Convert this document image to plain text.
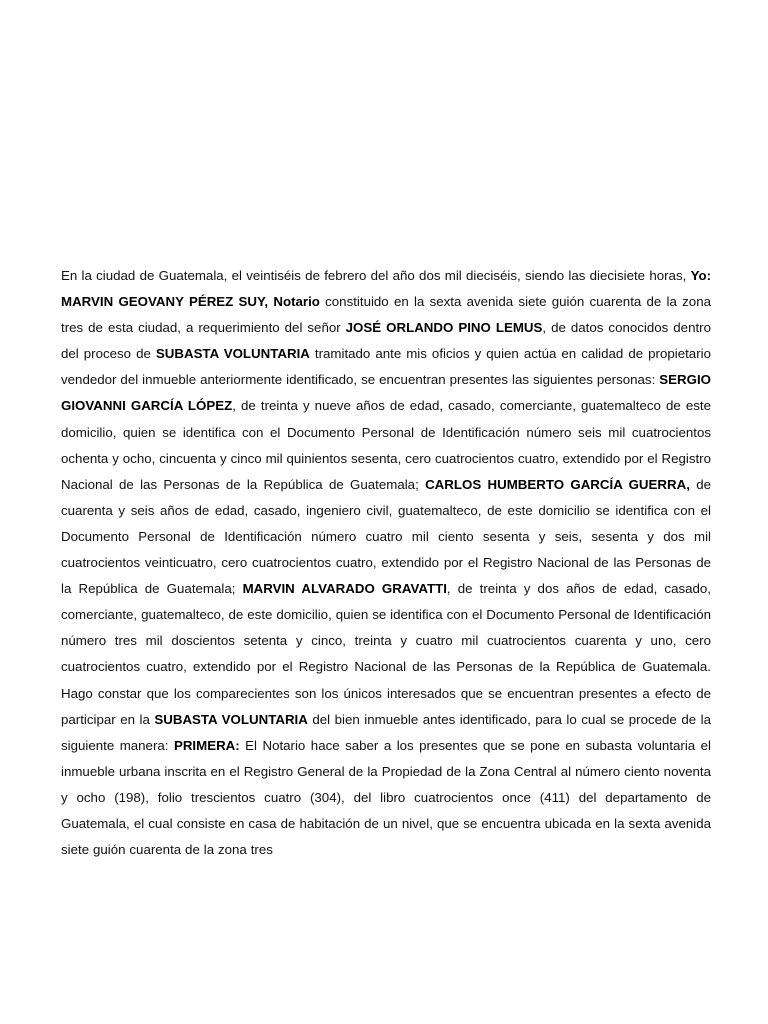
En la ciudad de Guatemala, el veintiséis de febrero del año dos mil dieciséis, siendo las diecisiete horas, Yo: MARVIN GEOVANY PÉREZ SUY, Notario constituido en la sexta avenida siete guión cuarenta de la zona tres de esta ciudad, a requerimiento del señor JOSÉ ORLANDO PINO LEMUS, de datos conocidos dentro del proceso de SUBASTA VOLUNTARIA tramitado ante mis oficios y quien actúa en calidad de propietario vendedor del inmueble anteriormente identificado, se encuentran presentes las siguientes personas: SERGIO GIOVANNI GARCÍA LÓPEZ, de treinta y nueve años de edad, casado, comerciante, guatemalteco de este domicilio, quien se identifica con el Documento Personal de Identificación número seis mil cuatrocientos ochenta y ocho, cincuenta y cinco mil quinientos sesenta, cero cuatrocientos cuatro, extendido por el Registro Nacional de las Personas de la República de Guatemala; CARLOS HUMBERTO GARCÍA GUERRA, de cuarenta y seis años de edad, casado, ingeniero civil, guatemalteco, de este domicilio se identifica con el Documento Personal de Identificación número cuatro mil ciento sesenta y seis, sesenta y dos mil cuatrocientos veinticuatro, cero cuatrocientos cuatro, extendido por el Registro Nacional de las Personas de la República de Guatemala; MARVIN ALVARADO GRAVATTI, de treinta y dos años de edad, casado, comerciante, guatemalteco, de este domicilio, quien se identifica con el Documento Personal de Identificación número tres mil doscientos setenta y cinco, treinta y cuatro mil cuatrocientos cuarenta y uno, cero cuatrocientos cuatro, extendido por el Registro Nacional de las Personas de la República de Guatemala. Hago constar que los comparecientes son los únicos interesados que se encuentran presentes a efecto de participar en la SUBASTA VOLUNTARIA del bien inmueble antes identificado, para lo cual se procede de la siguiente manera: PRIMERA: El Notario hace saber a los presentes que se pone en subasta voluntaria el inmueble urbana inscrita en el Registro General de la Propiedad de la Zona Central al número ciento noventa y ocho (198), folio trescientos cuatro (304), del libro cuatrocientos once (411) del departamento de Guatemala, el cual consiste en casa de habitación de un nivel, que se encuentra ubicada en la sexta avenida siete guión cuarenta de la zona tres
